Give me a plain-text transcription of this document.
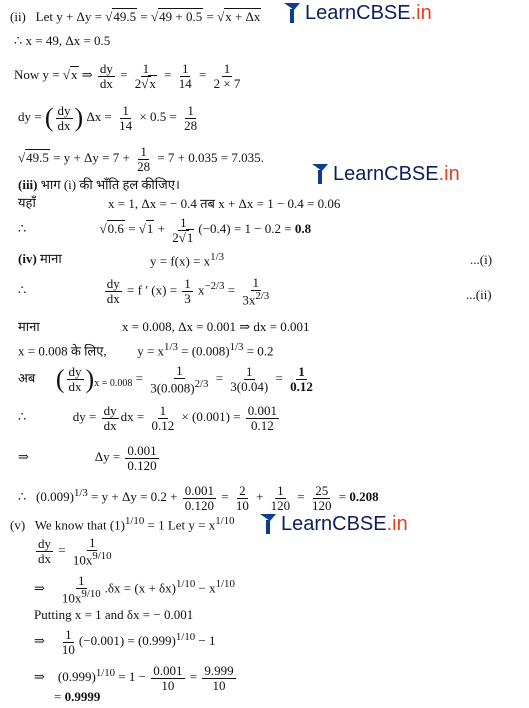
LearnCBSE .in
LearnCBSE .in
LearnCBSE .in
(ii) Let y + Δy = √49.5 = √49 + 0.5 = √x + Δx
∴ x = 49, Δx = 0.5
Now y = √x ⇒ $\frac{dy}{dx} = \frac{1}{2√x} = \frac{1}{14} = \frac{1}{2 \times 7}$
dy = ( $\frac{dy}{dx}$ ) $\Delta x = \frac{1}{14} \times 0.5 = \frac{1}{28}$
$√49.5 = y + \Delta y = 7 + \frac{1}{28} = 7 + 0.035 = 7.035$.
(iii) भाग (i) की भाँति हल कीजिए।
यहाँ	x = 1, Δx = − 0.4 तब x + Δx = 1 − 0.4 = 0.06
∴	$√0.6 = √1 + \frac{1}{2√1} (-0.4) = 1 - 0.2 = 0.8$
(iv) माना	$y = f(x) = x^{1/3}$	...(i)
∴	$\frac{dy}{dx} = f$ ′ $(x) = \frac{1}{3} x^{-2/3} = \frac{1}{3x^{2/3}}$	...(ii)
माना	x = 0.008, Δx = 0.001 ⇒ dx = 0.001
x = 0.008 के लिए, $y = x^{1/3} = (0.008)^{1/3} = 0.2$
अब ( $\frac{dy}{dx} )_{x = 0.008} = \frac{1}{3(0.008)^{2/3}} = \frac{1}{3(0.04)} = \frac{1}{0.12}$
∴	dy = $\frac{dy}{dx}$ dx = $\frac{1}{0.12} \times (0.001) = \frac{0.001}{0.12}$
⇒	$\Delta y = \frac{0.001}{0.120}$
∴ $(0.009)^{1/3} = y + \Delta y = 0.2 + \frac{0.001}{0.120} = \frac{2}{10} + \frac{1}{120} = \frac{25}{120} = 0.208$
(v) We know that $(1)^{1/10} = 1$ Let $y = x^{1/10}$
$\frac{dy}{dx} = \frac{1}{10x^{9/10}}$
⇒ $\frac{1}{10x^{9/10}} .\delta x = (x + \delta x)^{1/10} - x^{1/10}$
Putting x = 1 and δx = − 0.001
⇒ $\frac{1}{10} (-0.001) = (0.999)^{1/10} - 1$
⇒ $(0.999)^{1/10} = 1 - \frac{0.001}{10} = \frac{9.999}{10}$
= 0.9999
